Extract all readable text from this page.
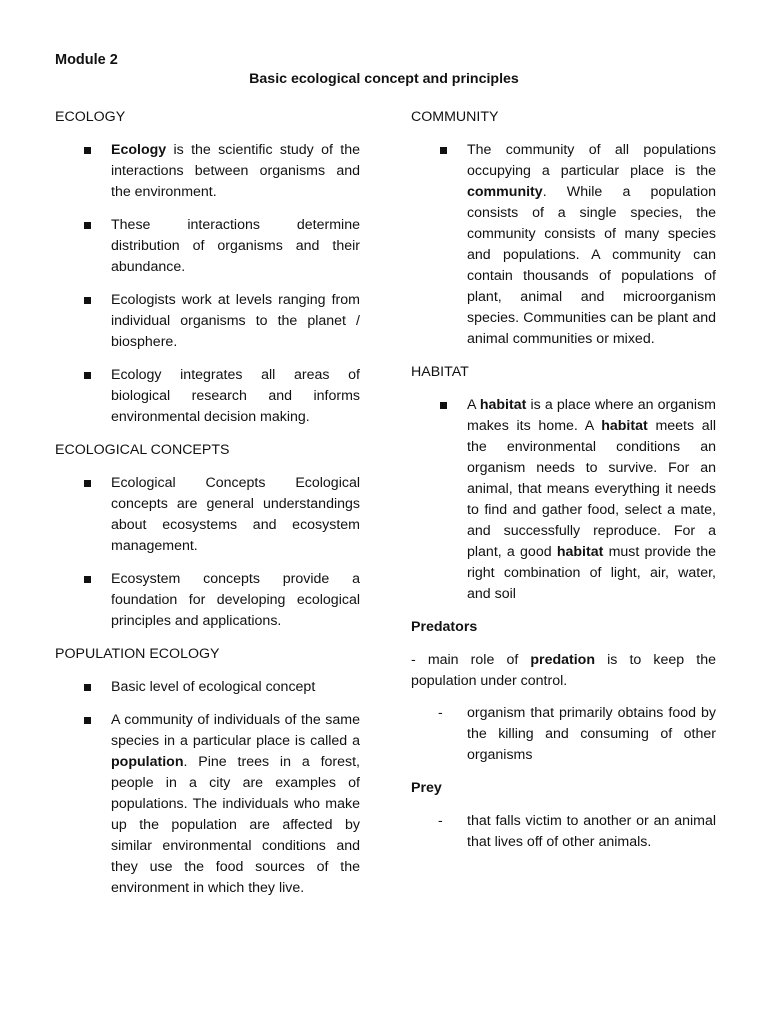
Module 2
Basic ecological concept and principles
ECOLOGY
Ecology is the scientific study of the interactions between organisms and the environment.
These interactions determine distribution of organisms and their abundance.
Ecologists work at levels ranging from individual organisms to the planet / biosphere.
Ecology integrates all areas of biological research and informs environmental decision making.
ECOLOGICAL CONCEPTS
Ecological Concepts Ecological concepts are general understandings about ecosystems and ecosystem management.
Ecosystem concepts provide a foundation for developing ecological principles and applications.
POPULATION ECOLOGY
Basic level of ecological concept
A community of individuals of the same species in a particular place is called a population. Pine trees in a forest, people in a city are examples of populations. The individuals who make up the population are affected by similar environmental conditions and they use the food sources of the environment in which they live.
COMMUNITY
The community of all populations occupying a particular place is the community. While a population consists of a single species, the community consists of many species and populations. A community can contain thousands of populations of plant, animal and microorganism species. Communities can be plant and animal communities or mixed.
HABITAT
A habitat is a place where an organism makes its home. A habitat meets all the environmental conditions an organism needs to survive. For an animal, that means everything it needs to find and gather food, select a mate, and successfully reproduce. For a plant, a good habitat must provide the right combination of light, air, water, and soil
Predators
- main role of predation is to keep the population under control.
- organism that primarily obtains food by the killing and consuming of other organisms
Prey
- that falls victim to another or an animal that lives off of other animals.
